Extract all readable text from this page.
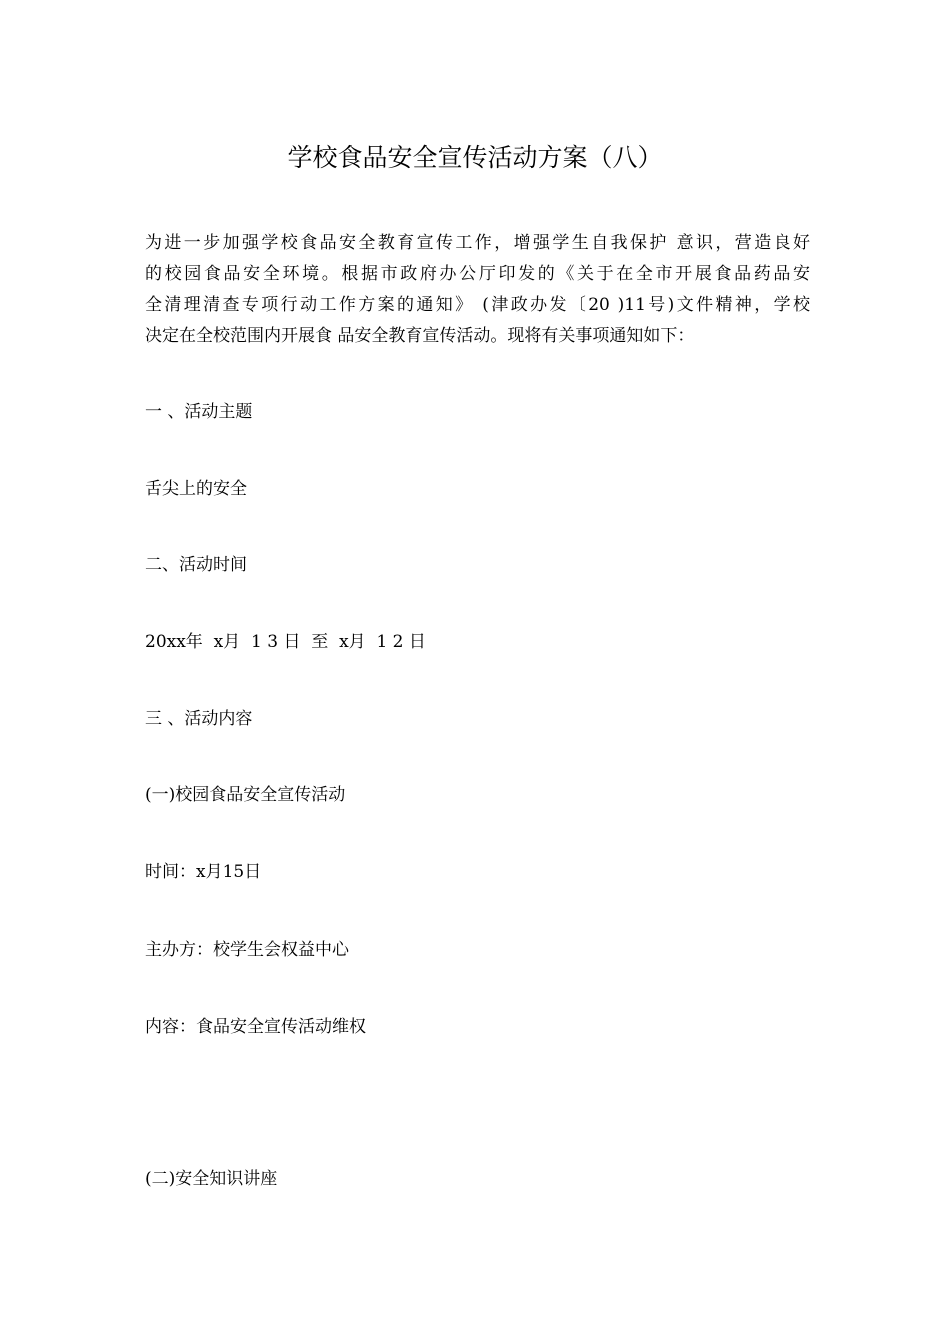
学校食品安全宣传活动方案（八）
为进一步加强学校食品安全教育宣传工作，增强学生自我保护 意识，营造良好
的校园食品安全环境。根据市政府办公厅印发的《关于在全市开展食品药品安
全清理清查专项行动工作方案的通知》 (津政办发〔20 )11号)文件精神，学校
决定在全校范围内开展食 品安全教育宣传活动。现将有关事项通知如下：
一 、活动主题
舌尖上的安全
二、活动时间
20xx年  x月  1 3 日  至  x月  1 2 日
三 、活动内容
(一)校园食品安全宣传活动
时间：x月15日
主办方：校学生会权益中心
内容：食品安全宣传活动维权
(二)安全知识讲座
